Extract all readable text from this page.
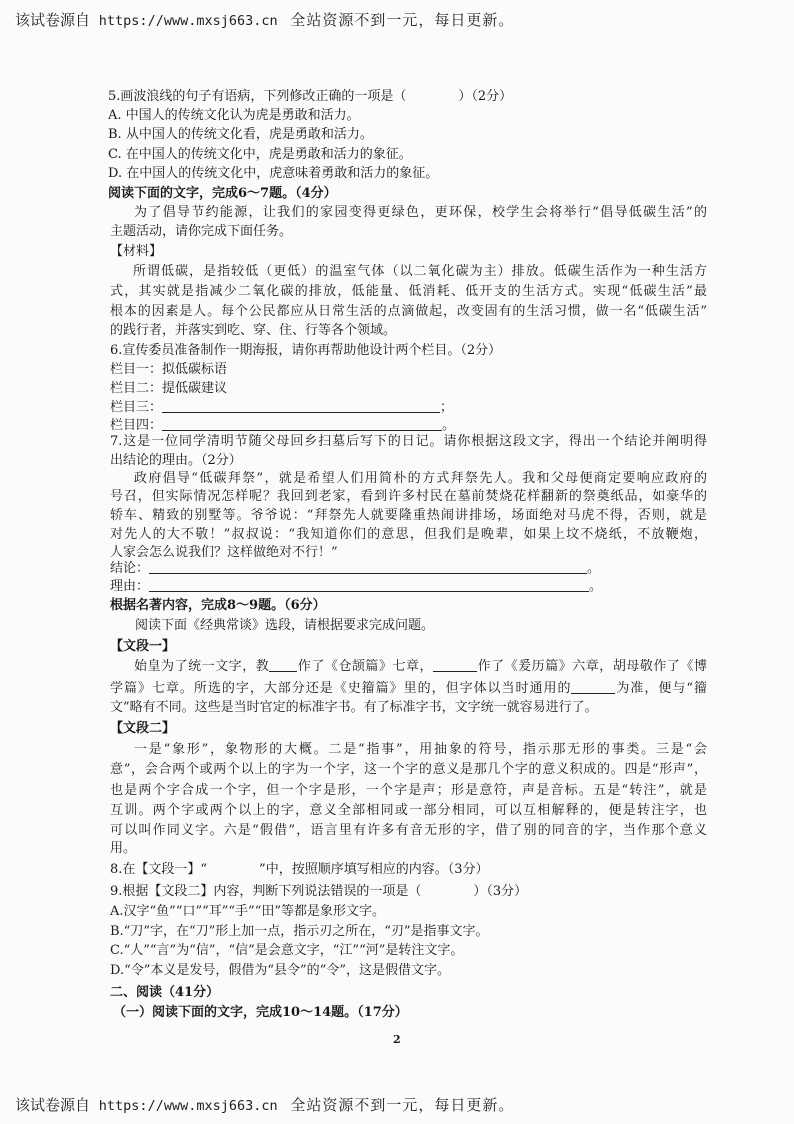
该试卷源自 https://www.mxsj663.cn 全站资源不到一元，每日更新。
5.画波浪线的句子有语病，下列修改正确的一项是（　　　　）（2分）
A. 中国人的传统文化认为虎是勇敢和活力。
B. 从中国人的传统文化看，虎是勇敢和活力。
C. 在中国人的传统文化中，虎是勇敢和活力的象征。
D. 在中国人的传统文化中，虎意味着勇敢和活力的象征。
阅读下面的文字，完成6～7题。（4分）
为了倡导节约能源，让我们的家园变得更绿色，更环保，校学生会将举行“倡导低碳生活”的
主题活动，请你完成下面任务。
【材料】
所谓低碳，是指较低（更低）的温室气体（以二氧化碳为主）排放。低碳生活作为一种生活方
式，其实就是指减少二氧化碳的排放，低能量、低消耗、低开支的生活方式。实现“低碳生活”最
根本的因素是人。每个公民都应从日常生活的点滴做起，改变固有的生活习惯，做一名“低碳生活”
的践行者，并落实到吃、穿、住、行等各个领域。
6.宣传委员准备制作一期海报，请你再帮助他设计两个栏目。（2分）
栏目一：拟低碳标语
栏目二：提低碳建议
栏目三：	；
栏目四：	。
7.这是一位同学清明节随父母回乡扫墓后写下的日记。请你根据这段文字，得出一个结论并阐明得
出结论的理由。（2分）
政府倡导“低碳拜祭”，就是希望人们用简朴的方式拜祭先人。我和父母便商定要响应政府的
号召，但实际情况怎样呢？我回到老家，看到许多村民在墓前焚烧花样翻新的祭奠纸品，如豪华的
轿车、精致的别墅等。爷爷说：“拜祭先人就要隆重热闹讲排场，场面绝对马虎不得，否则，就是
对先人的大不敬！”叔叔说：“我知道你们的意思，但我们是晚辈，如果上坟不烧纸，不放鞭炮，
人家会怎么说我们？这样做绝对不行！”
结论：	。
理由：	。
根据名著内容，完成8～9题。（6分）
阅读下面《经典常谈》选段，请根据要求完成问题。
【文段一】
始皇为了统一文字，教 作了《仓颉篇》七章，	作了《爰历篇》六章，胡母敬作了《博
学篇》七章。所选的字，大部分还是《史籀篇》里的，但字体以当时通用的	为准，便与“籀
文”略有不同。这些是当时官定的标准字书。有了标准字书，文字统一就容易进行了。
【文段二】
一是“象形”，象物形的大概。二是“指事”，用抽象的符号，指示那无形的事类。三是“会
意”，会合两个或两个以上的字为一个字，这一个字的意义是那几个字的意义积成的。四是“形声”，
也是两个字合成一个字，但一个字是形，一个字是声；形是意符，声是音标。五是“转注”，就是
互训。两个字或两个以上的字，意义全部相同或一部分相同，可以互相解释的，便是转注字，也
可以叫作同义字。六是“假借”，语言里有许多有音无形的字，借了别的同音的字，当作那个意义
用。
8.在【文段一】“　　　　”中，按照顺序填写相应的内容。（3分）
9.根据【文段二】内容，判断下列说法错误的一项是（　　　　）（3分）
A.汉字“鱼”“口”“耳”“手”“田”等都是象形文字。
B.“刀”字，在“刀”形上加一点，指示刃之所在，“刃”是指事文字。
C.“人”“言”为“信”，“信”是会意文字，“江”“河”是转注文字。
D.“令”本义是发号，假借为“县令”的“令”，这是假借文字。
二、阅读（41分）
（一）阅读下面的文字，完成10～14题。（17分）
2
该试卷源自 https://www.mxsj663.cn 全站资源不到一元，每日更新。
